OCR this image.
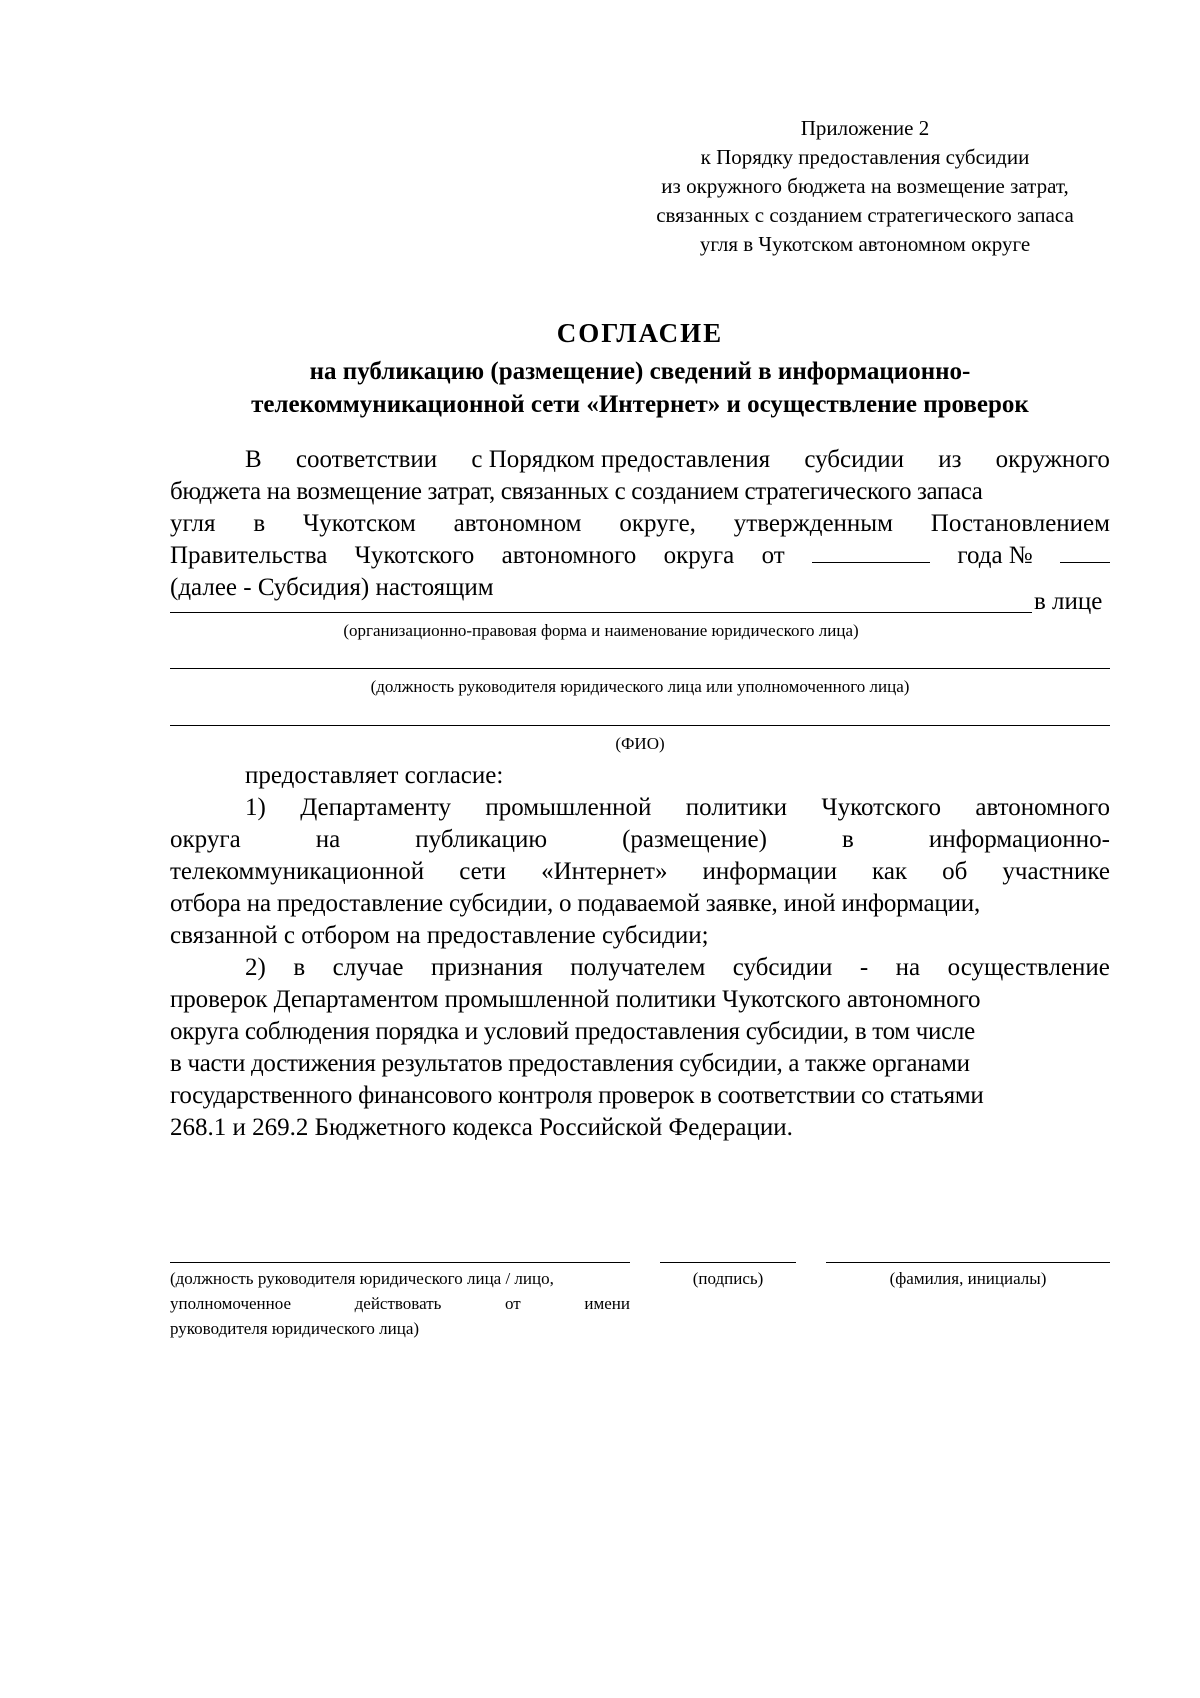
Приложение 2
к Порядку предоставления субсидии
из окружного бюджета на возмещение затрат,
связанных с созданием стратегического запаса
угля в Чукотском автономном округе
СОГЛАСИЕ
на публикацию (размещение) сведений в информационно-
телекоммуникационной сети «Интернет» и осуществление проверок
В соответствии с Порядком предоставления субсидии из окружного
бюджета на возмещение затрат, связанных с созданием стратегического запаса
угля в Чукотском автономном округе, утвержденным Постановлением
Правительства Чукотского автономного округа от	года №
(далее - Субсидия) настоящим
в лице
(организационно-правовая форма и наименование юридического лица)
(должность руководителя юридического лица или уполномоченного лица)
(ФИО)
предоставляет согласие:
1) Департаменту промышленной политики Чукотского автономного
округа	на	публикацию	(размещение)	в	информационно-
телекоммуникационной сети «Интернет» информации как об участнике
отбора на предоставление субсидии, о подаваемой заявке, иной информации,
связанной с отбором на предоставление субсидии;
2) в случае признания получателем субсидии - на осуществление
проверок Департаментом промышленной политики Чукотского автономного
округа соблюдения порядка и условий предоставления субсидии, в том числе
в части достижения результатов предоставления субсидии, а также органами
государственного финансового контроля проверок в соответствии со статьями
268.1 и 269.2 Бюджетного кодекса Российской Федерации.
(должность руководителя юридического лица / лицо,
уполномоченное	действовать	от	имени
руководителя юридического лица)
(подпись)	(фамилия, инициалы)
